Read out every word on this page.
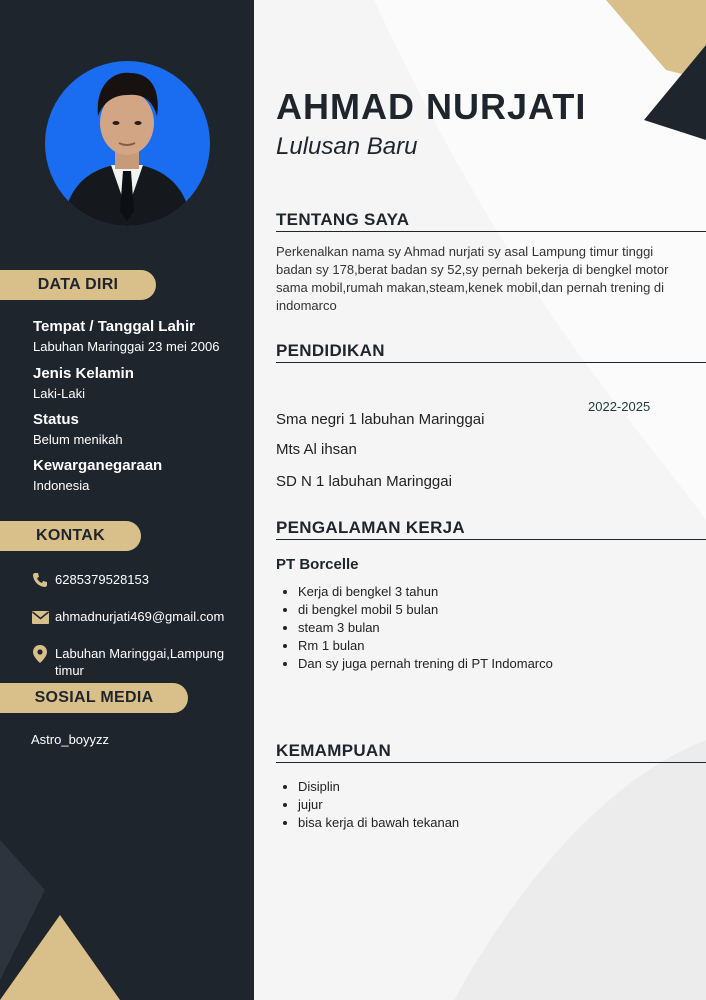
DATA DIRI
Tempat / Tanggal Lahir
Labuhan Maringgai 23 mei 2006
Jenis Kelamin
Laki-Laki
Status
Belum menikah
Kewarganegaraan
Indonesia
KONTAK
6285379528153
ahmadnurjati469@gmail.com
Labuhan Maringgai,Lampung
timur
SOSIAL MEDIA
Astro_boyyzz
AHMAD NURJATI
Lulusan Baru
TENTANG SAYA
Perkenalkan nama sy Ahmad nurjati sy asal Lampung timur tinggi badan sy 178,berat badan sy 52,sy pernah bekerja di bengkel motor sama mobil,rumah makan,steam,kenek mobil,dan pernah trening di indomarco
PENDIDIKAN
2022-2025
Sma negri 1 labuhan Maringgai
Mts Al ihsan
SD N 1 labuhan Maringgai
PENGALAMAN KERJA
PT Borcelle
• Kerja di bengkel 3 tahun
• di bengkel mobil 5 bulan
• steam 3 bulan
• Rm 1 bulan
• Dan sy juga pernah trening di PT Indomarco
KEMAMPUAN
• Disiplin
• jujur
• bisa kerja di bawah tekanan
